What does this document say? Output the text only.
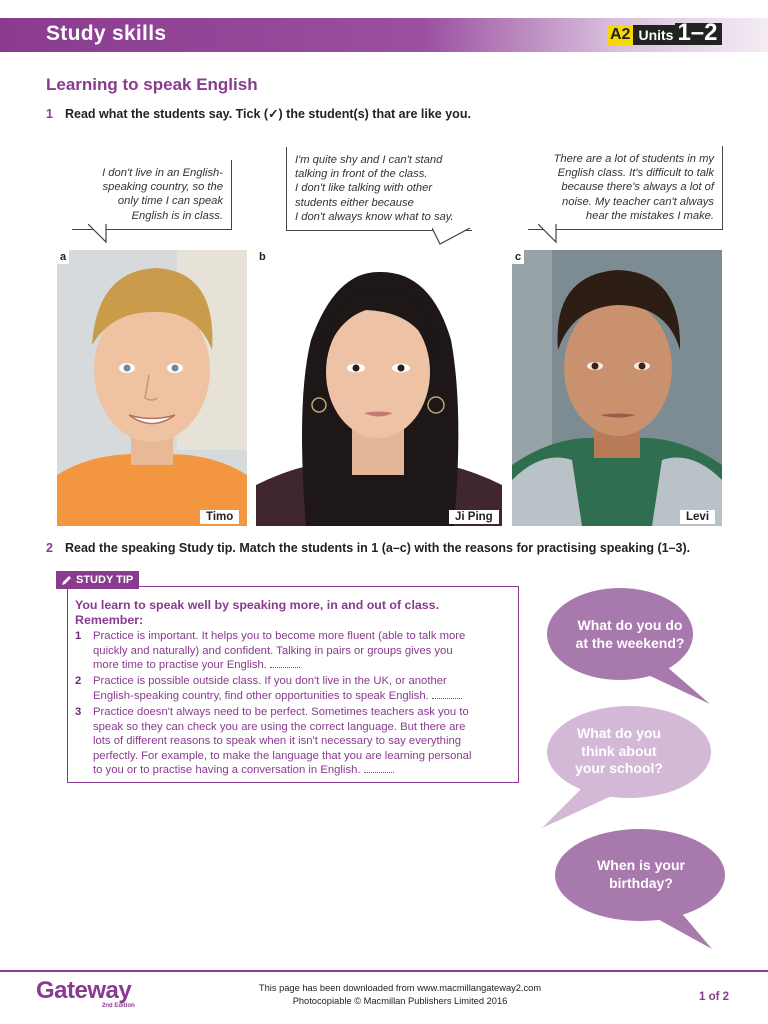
Study skills	A2 Units 1–2
Learning to speak English
1 Read what the students say. Tick (✓) the student(s) that are like you.
I don't live in an English-
speaking country, so the
only time I can speak
English is in class.
I'm quite shy and I can't stand
talking in front of the class.
I don't like talking with other
students either because
I don't always know what to say.
There are a lot of students in my
English class. It's difficult to talk
because there's always a lot of
noise. My teacher can't always
hear the mistakes I make.
a
Timo
b
Ji Ping
c
Levi
2 Read the speaking Study tip. Match the students in 1 (a–c) with the reasons for practising speaking (1–3).
STUDY TIP
You learn to speak well by speaking more, in and out of class.
Remember:
1 Practice is important. It helps you to become more fluent (able to talk more
quickly and naturally) and confident. Talking in pairs or groups gives you
more time to practise your English.
2 Practice is possible outside class. If you don't live in the UK, or another
English-speaking country, find other opportunities to speak English.
3 Practice doesn't always need to be perfect. Sometimes teachers ask you to
speak so they can check you are using the correct language. But there are
lots of different reasons to speak when it isn't necessary to say everything
perfectly. For example, to make the language that you are learning personal
to you or to practise having a conversation in English.
What do you do
at the weekend?
What do you
think about
your school?
When is your
birthday?
Gateway
2nd Edition
This page has been downloaded from www.macmillangateway2.com
Photocopiable © Macmillan Publishers Limited 2016	1 of 2
